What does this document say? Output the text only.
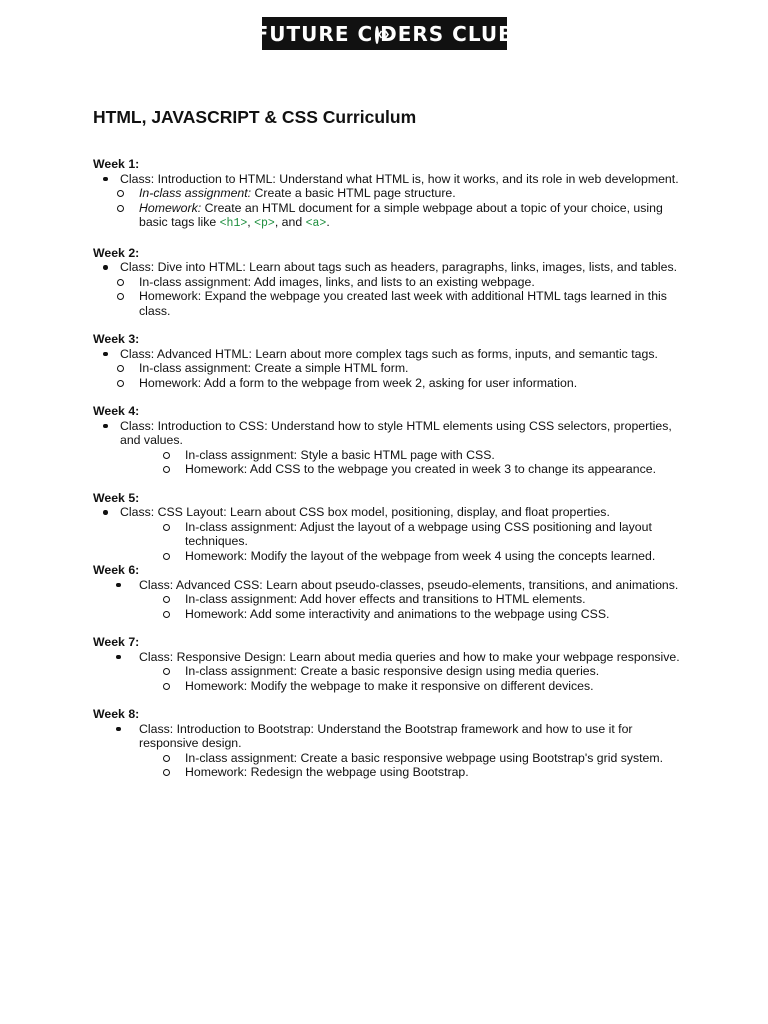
FUTURE C DERS CLUB
HTML, JAVASCRIPT & CSS Curriculum

Week 1:

Class: Introduction to HTML: Understand what HTML is, how it works, and its role in web development.
In-class assignment: Create a basic HTML page structure.
Homework: Create an HTML document for a simple webpage about a topic of your choice, using basic tags like <h1>, <p>, and <a>.

Week 2:

Class: Dive into HTML: Learn about tags such as headers, paragraphs, links, images, lists, and tables.
In-class assignment: Add images, links, and lists to an existing webpage.
Homework: Expand the webpage you created last week with additional HTML tags learned in this class.

Week 3:

Class: Advanced HTML: Learn about more complex tags such as forms, inputs, and semantic tags.
In-class assignment: Create a simple HTML form.
Homework: Add a form to the webpage from week 2, asking for user information.

Week 4:

Class: Introduction to CSS: Understand how to style HTML elements using CSS selectors, properties, and values.
In-class assignment: Style a basic HTML page with CSS.
Homework: Add CSS to the webpage you created in week 3 to change its appearance.

Week 5:

Class: CSS Layout: Learn about CSS box model, positioning, display, and float properties.
In-class assignment: Adjust the layout of a webpage using CSS positioning and layout techniques.
Homework: Modify the layout of the webpage from week 4 using the concepts learned.

Week 6:

Class: Advanced CSS: Learn about pseudo-classes, pseudo-elements, transitions, and animations.
In-class assignment: Add hover effects and transitions to HTML elements.
Homework: Add some interactivity and animations to the webpage using CSS.

Week 7:

Class: Responsive Design: Learn about media queries and how to make your webpage responsive.
In-class assignment: Create a basic responsive design using media queries.
Homework: Modify the webpage to make it responsive on different devices.

Week 8:

Class: Introduction to Bootstrap: Understand the Bootstrap framework and how to use it for responsive design.
In-class assignment: Create a basic responsive webpage using Bootstrap's grid system.
Homework: Redesign the webpage using Bootstrap.
